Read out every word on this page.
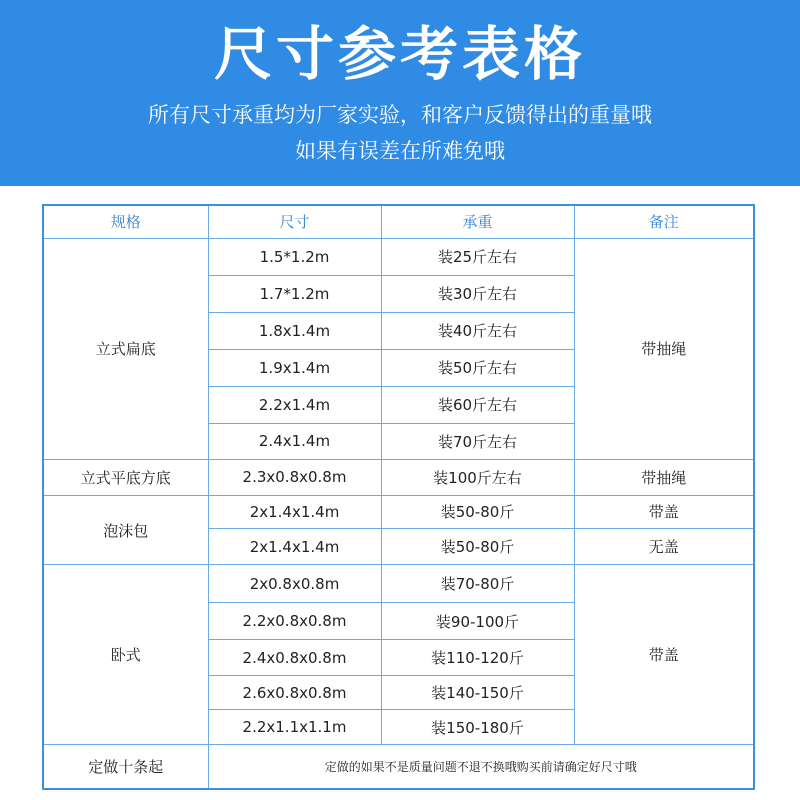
尺寸参考表格
所有尺寸承重均为厂家实验，和客户反馈得出的重量哦
如果有误差在所难免哦
规格	尺寸	承重	备注
立式扁底	1.5*1.2m	装25斤左右	带抽绳
	1.7*1.2m	装30斤左右	
	1.8x1.4m	装40斤左右	
	1.9x1.4m	装50斤左右	
	2.2x1.4m	装60斤左右	
	2.4x1.4m	装70斤左右	
立式平底方底	2.3x0.8x0.8m	装100斤左右	带抽绳
泡沫包	2x1.4x1.4m	装50-80斤	带盖
	2x1.4x1.4m	装50-80斤	无盖
卧式	2x0.8x0.8m	装70-80斤	带盖
	2.2x0.8x0.8m	装90-100斤	
	2.4x0.8x0.8m	装110-120斤	
	2.6x0.8x0.8m	装140-150斤	
	2.2x1.1x1.1m	装150-180斤	
定做十条起	定做的如果不是质量问题不退不换哦购买前请确定好尺寸哦		
